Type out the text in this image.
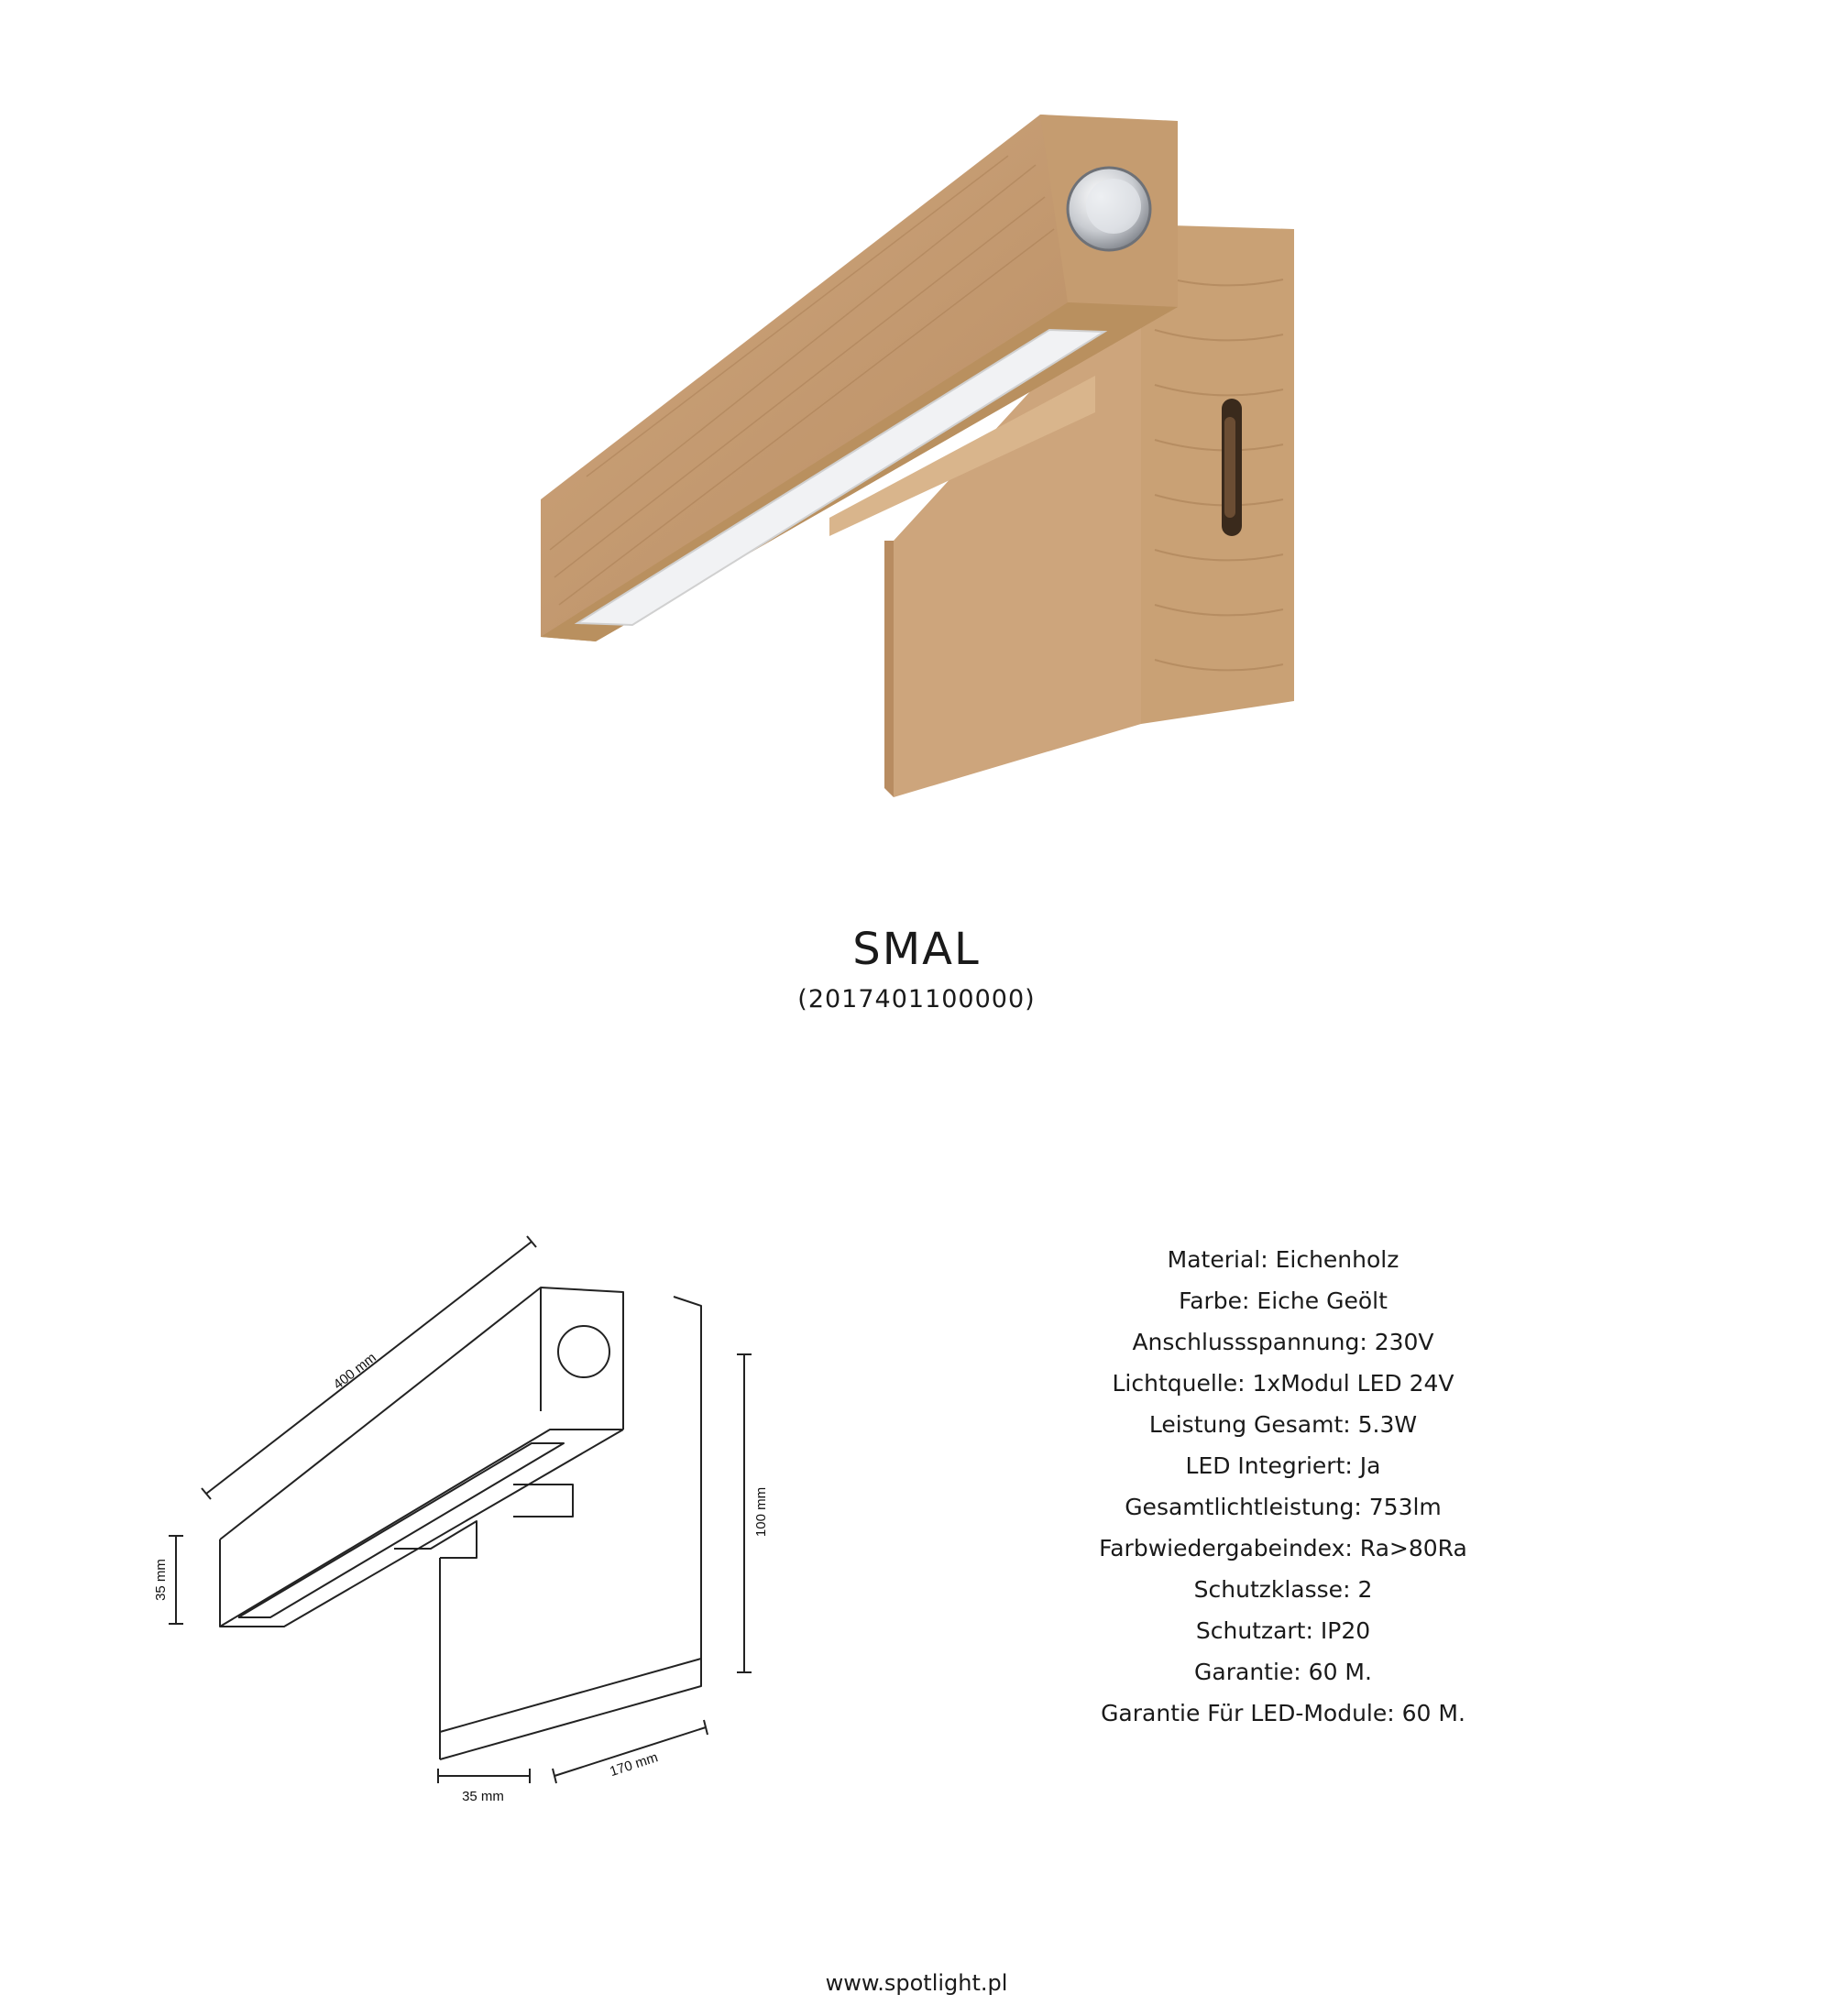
SMAL
(2017401100000)
400 mm
100 mm
35 mm
35 mm
170 mm
Material: Eichenholz
Farbe: Eiche Geölt
Anschlussspannung: 230V
Lichtquelle: 1xModul LED 24V
Leistung Gesamt: 5.3W
LED Integriert: Ja
Gesamtlichtleistung: 753lm
Farbwiedergabeindex: Ra>80Ra
Schutzklasse: 2
Schutzart: IP20
Garantie: 60 M.
Garantie Für LED-Module: 60 M.
www.spotlight.pl
